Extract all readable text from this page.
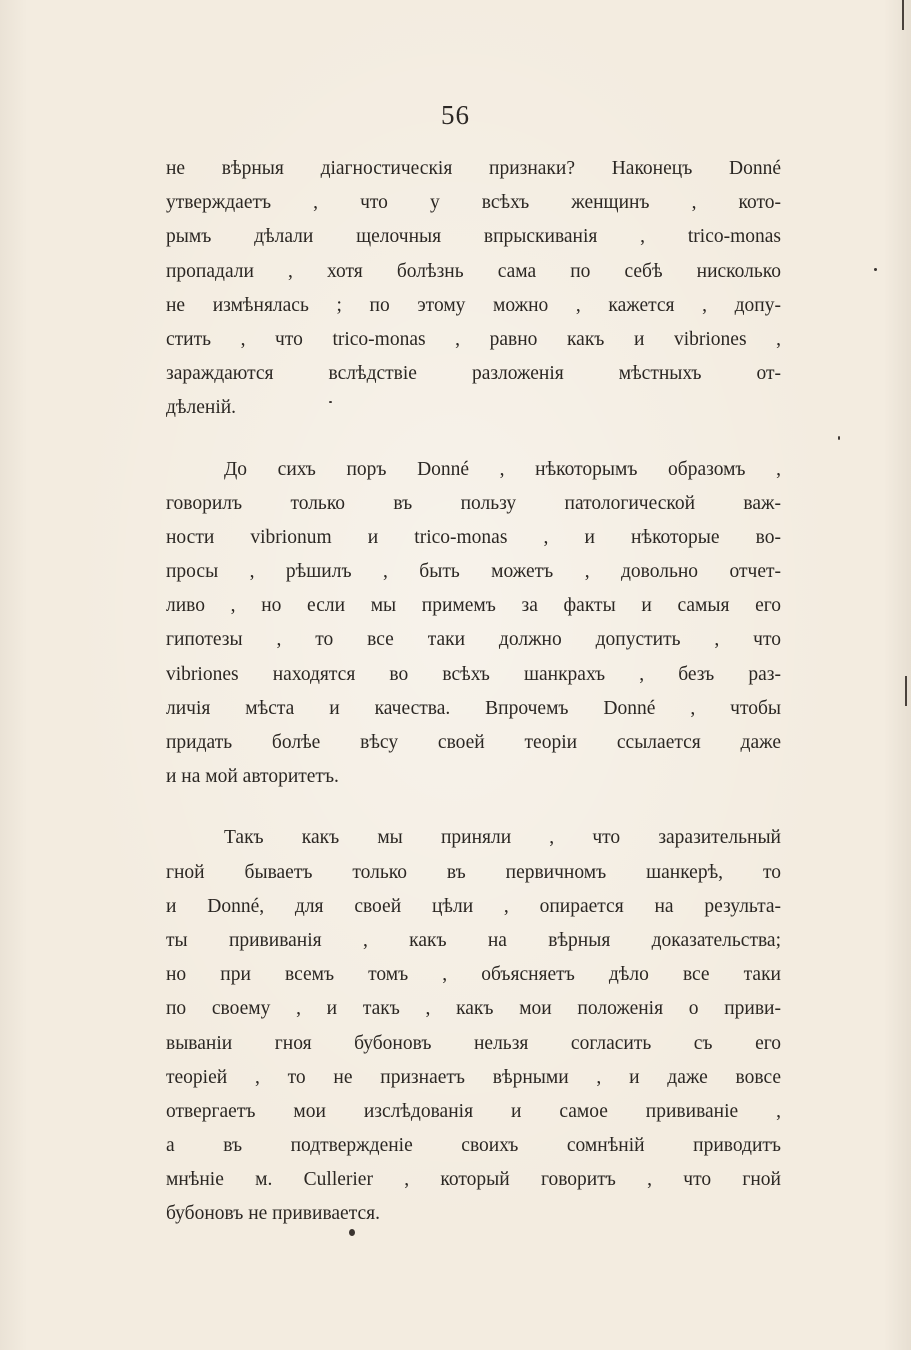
56

не вѣрныя діагностическія признаки? Наконецъ Donné
утверждаетъ , что у всѣхъ женщинъ , кото-
рымъ дѣлали щелочныя впрыскиванія , trico-monas
пропадали , хотя болѣзнь сама по себѣ нисколько
не измѣнялась ; по этому можно , кажется , допу-
стить , что trico-monas , равно какъ и vibriones ,
зараждаются вслѣдствіе разложенія мѣстныхъ от-
дѣленій.

До сихъ поръ Donné , нѣкоторымъ образомъ ,
говорилъ только въ пользу патологической важ-
ности vibrionum и trico-monas , и нѣкоторые во-
просы , рѣшилъ , быть можетъ , довольно отчет-
ливо , но если мы примемъ за факты и самыя его
гипотезы , то все таки должно допустить , что
vibriones находятся во всѣхъ шанкрахъ , безъ раз-
личія мѣста и качества. Впрочемъ Donné , чтобы
придать болѣе вѣсу своей теоріи ссылается даже
и на мой авторитетъ.

Такъ какъ мы приняли , что заразительный
гной бываетъ только въ первичномъ шанкерѣ, то
и Donné, для своей цѣли , опирается на результа-
ты прививанія , какъ на вѣрныя доказательства;
но при всемъ томъ , объясняетъ дѣло все таки
по своему , и такъ , какъ мои положенія о приви-
вываніи гноя бубоновъ нельзя согласить съ его
теоріей , то не признаетъ вѣрными , и даже вовсе
отвергаетъ мои изслѣдованія и самое прививаніе ,
а въ подтвержденіе своихъ сомнѣній приводитъ
мнѣніе м. Cullerier , который говоритъ , что гной
бубоновъ не прививается.
